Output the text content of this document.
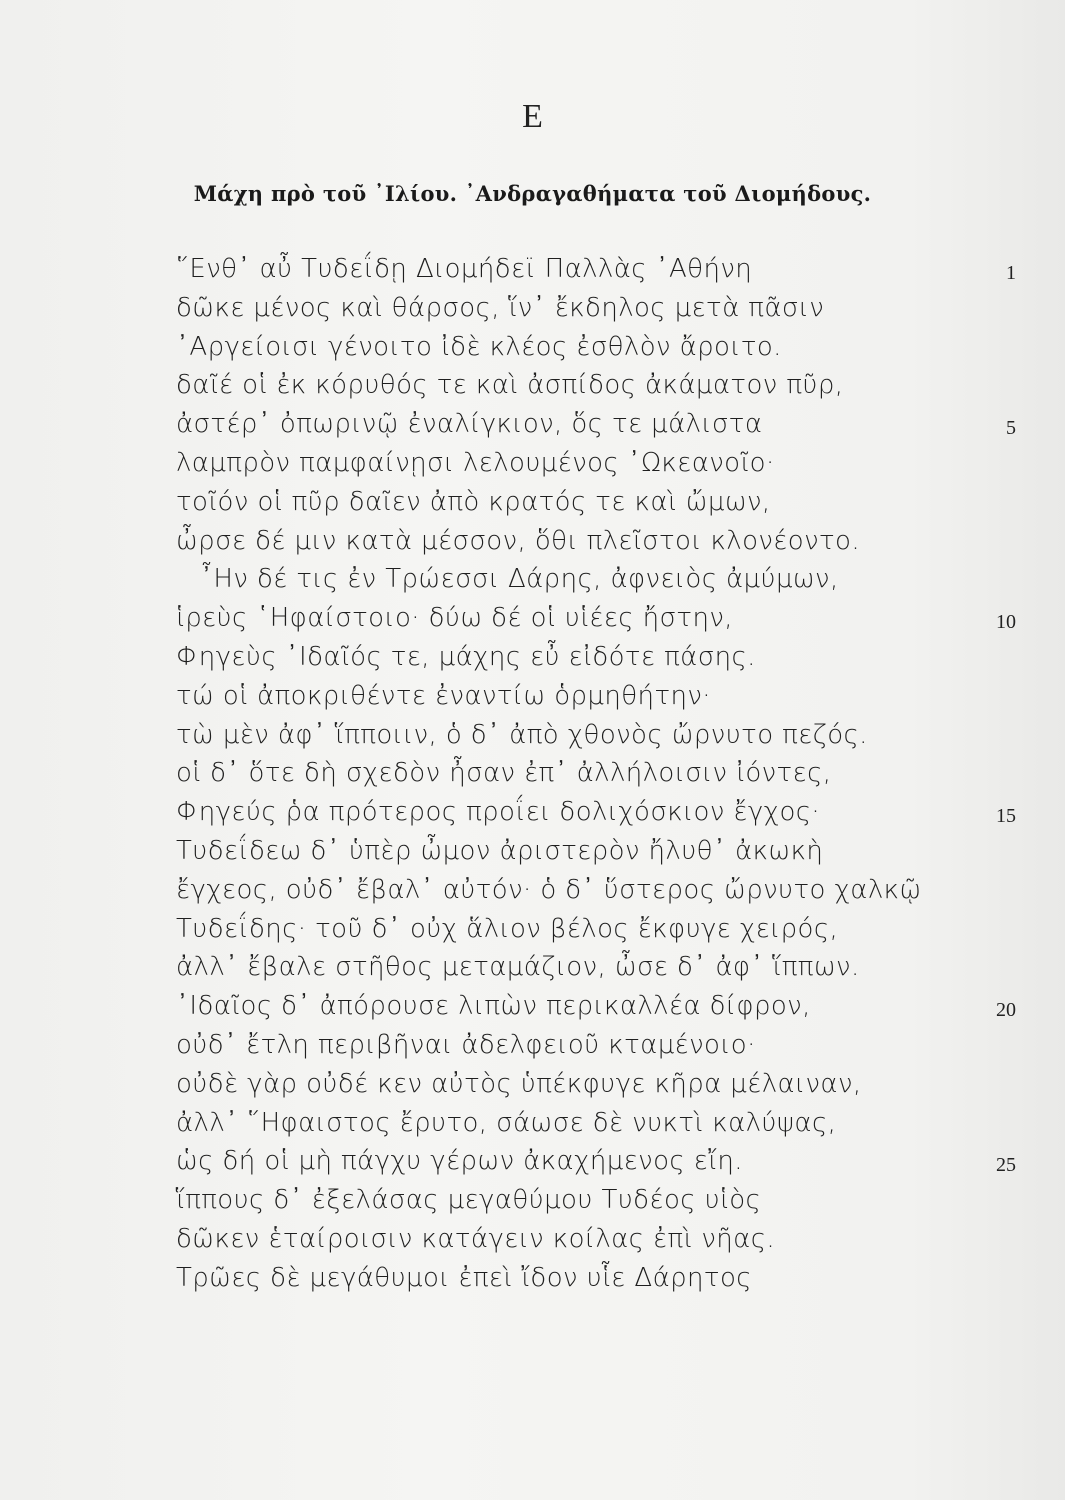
Ε
Μάχη πρὸ τοῦ ᾿Ιλίου. ᾿Ανδραγαθήματα τοῦ Διομήδους.
῞Ενθ᾿ αὖ Τυδεΐδῃ Διομήδεϊ Παλλὰς ᾿Αθήνη	1
δῶκε μένος καὶ θάρσος, ἵν᾿ ἔκδηλος μετὰ πᾶσιν
᾿Αργείοισι γένοιτο ἰδὲ κλέος ἐσθλὸν ἄροιτο.
δαῖέ οἱ ἐκ κόρυθός τε καὶ ἀσπίδος ἀκάματον πῦρ,
ἀστέρ᾿ ὀπωρινῷ ἐναλίγκιον, ὅς τε μάλιστα	5
λαμπρὸν παμφαίνῃσι λελουμένος ᾿Ωκεανοῖο·
τοῖόν οἱ πῦρ δαῖεν ἀπὸ κρατός τε καὶ ὤμων,
ὦρσε δέ μιν κατὰ μέσσον, ὅθι πλεῖστοι κλονέοντο.
῏Ην δέ τις ἐν Τρώεσσι Δάρης, ἀφνειὸς ἀμύμων,
ἱρεὺς ῾Ηφαίστοιο· δύω δέ οἱ υἱέες ἤστην,	10
Φηγεὺς ᾿Ιδαῖός τε, μάχης εὖ εἰδότε πάσης.
τώ οἱ ἀποκριθέντε ἐναντίω ὁρμηθήτην·
τὼ μὲν ἀφ᾿ ἵπποιιν, ὁ δ᾿ ἀπὸ χθονὸς ὤρνυτο πεζός.
οἱ δ᾿ ὅτε δὴ σχεδὸν ἦσαν ἐπ᾿ ἀλλήλοισιν ἰόντες,
Φηγεύς ῥα πρότερος προΐει δολιχόσκιον ἔγχος·	15
Τυδεΐδεω δ᾿ ὑπὲρ ὦμον ἀριστερὸν ἤλυθ᾿ ἀκωκὴ
ἔγχεος, οὐδ᾿ ἔβαλ᾿ αὐτόν· ὁ δ᾿ ὕστερος ὤρνυτο χαλκῷ
Τυδεΐδης· τοῦ δ᾿ οὐχ ἅλιον βέλος ἔκφυγε χειρός,
ἀλλ᾿ ἔβαλε στῆθος μεταμάζιον, ὦσε δ᾿ ἀφ᾿ ἵππων.
᾿Ιδαῖος δ᾿ ἀπόρουσε λιπὼν περικαλλέα δίφρον,	20
οὐδ᾿ ἔτλη περιβῆναι ἀδελφειοῦ κταμένοιο·
οὐδὲ γὰρ οὐδέ κεν αὐτὸς ὑπέκφυγε κῆρα μέλαιναν,
ἀλλ᾿ ῞Ηφαιστος ἔρυτο, σάωσε δὲ νυκτὶ καλύψας,
ὡς δή οἱ μὴ πάγχυ γέρων ἀκαχήμενος εἴη.	25
ἵππους δ᾿ ἐξελάσας μεγαθύμου Τυδέος υἱὸς
δῶκεν ἑταίροισιν κατάγειν κοίλας ἐπὶ νῆας.
Τρῶες δὲ μεγάθυμοι ἐπεὶ ἴδον υἷε Δάρητος
